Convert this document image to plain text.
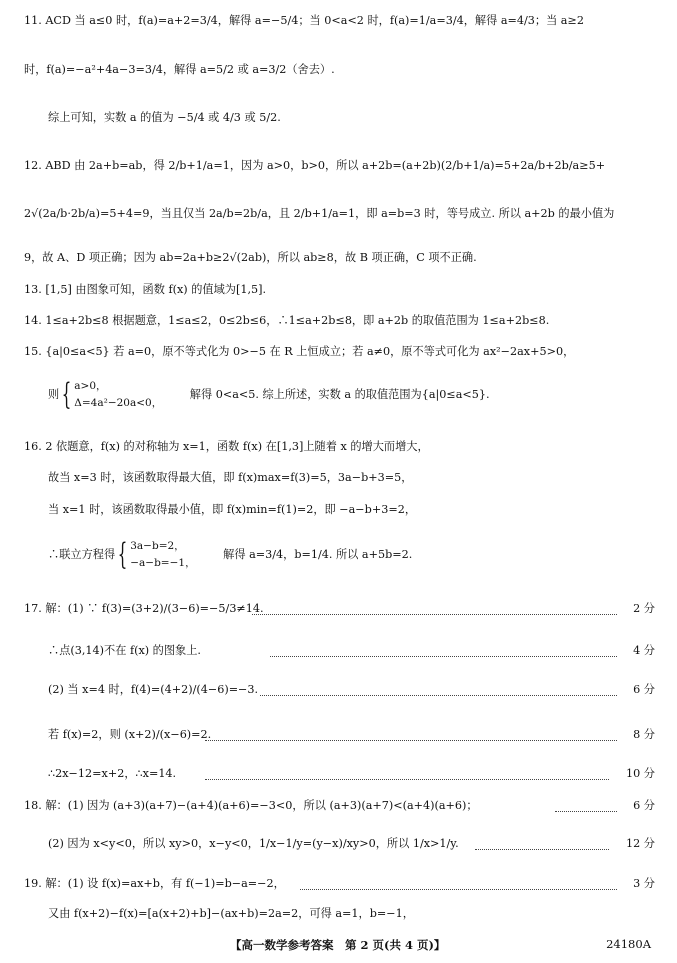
11. ACD 当 a≤0 时，f(a)=a+2=3/4，解得 a=−5/4；当 0<a<2 时，f(a)=1/a=3/4，解得 a=4/3；当 a≥2
时，f(a)=−a²+4a−3=3/4，解得 a=5/2 或 a=3/2（舍去）.
综上可知，实数 a 的值为 −5/4 或 4/3 或 5/2.
12. ABD 由 2a+b=ab，得 2/b+1/a=1，因为 a>0，b>0，所以 a+2b=(a+2b)(2/b+1/a)=5+2a/b+2b/a≥5+
2√(2a/b·2b/a)=5+4=9，当且仅当 2a/b=2b/a，且 2/b+1/a=1，即 a=b=3 时，等号成立. 所以 a+2b 的最小值为
9，故 A、D 项正确；因为 ab=2a+b≥2√(2ab)，所以 ab≥8，故 B 项正确，C 项不正确.
13. [1,5] 由图象可知，函数 f(x) 的值域为[1,5].
14. 1≤a+2b≤8 根据题意，1≤a≤2，0≤2b≤6，∴1≤a+2b≤8，即 a+2b 的取值范围为 1≤a+2b≤8.
15. {a|0≤a<5} 若 a=0，原不等式化为 0>−5 在 R 上恒成立；若 a≠0，原不等式可化为 ax²−2ax+5>0，
则{ a>0，
Δ=4a²−20a<0，
解得 0<a<5. 综上所述，实数 a 的取值范围为{a|0≤a<5}.
16. 2 依题意，f(x) 的对称轴为 x=1，函数 f(x) 在[1,3]上随着 x 的增大而增大，
故当 x=3 时，该函数取得最大值，即 f(x)max=f(3)=5，3a−b+3=5，
当 x=1 时，该函数取得最小值，即 f(x)min=f(1)=2，即 −a−b+3=2，
∴联立方程得{ 3a−b=2，
−a−b=−1，
解得 a=3/4，b=1/4. 所以 a+5b=2.
17. 解：(1) ∵ f(3)=(3+2)/(3−6)=−5/3≠14.	2 分
∴点(3,14)不在 f(x) 的图象上.	4 分
(2) 当 x=4 时，f(4)=(4+2)/(4−6)=−3.	6 分
若 f(x)=2，则 (x+2)/(x−6)=2.	8 分
∴2x−12=x+2，∴x=14.	10 分
18. 解：(1) 因为 (a+3)(a+7)−(a+4)(a+6)=−3<0，所以 (a+3)(a+7)<(a+4)(a+6)；	6 分
(2) 因为 x<y<0，所以 xy>0，x−y<0，1/x−1/y=(y−x)/xy>0，所以 1/x>1/y.	12 分
19. 解：(1) 设 f(x)=ax+b，有 f(−1)=b−a=−2，	3 分
又由 f(x+2)−f(x)=[a(x+2)+b]−(ax+b)=2a=2，可得 a=1，b=−1，
【高一数学参考答案　第 2 页(共 4 页)】	24180A
